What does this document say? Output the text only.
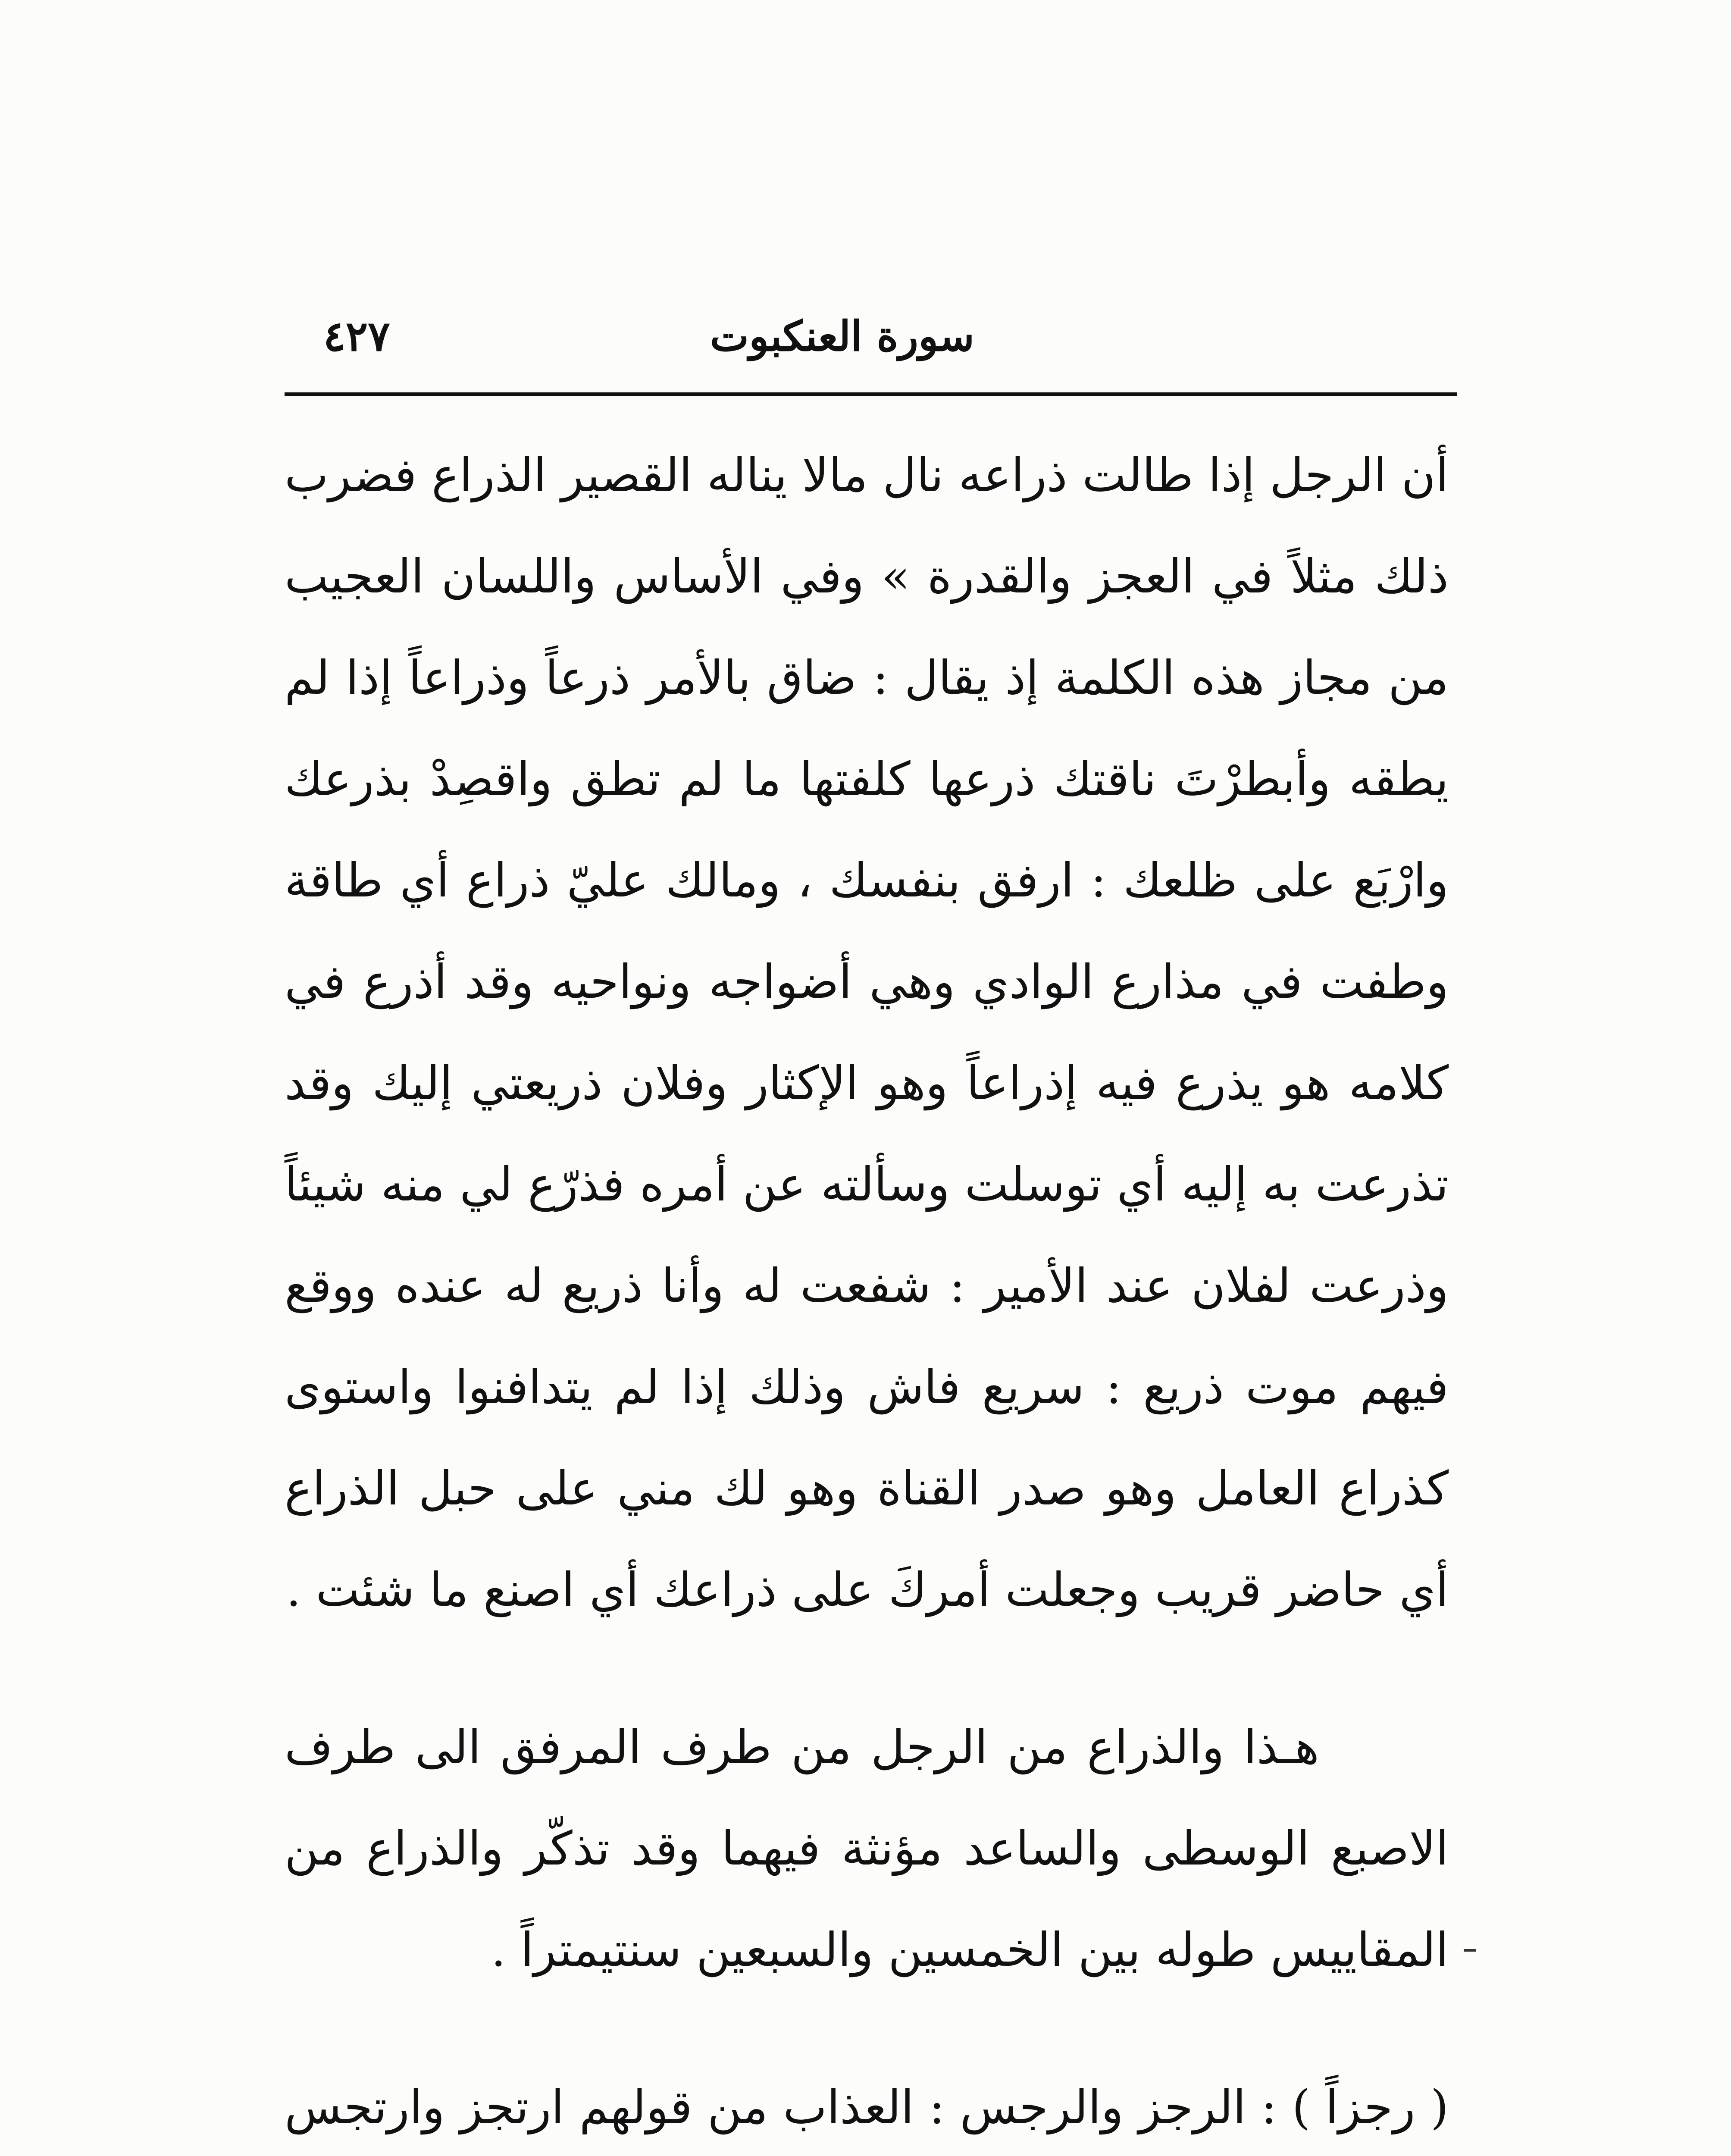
سورة العنكبوت
٤٢٧

أن الرجل إذا طالت ذراعه نال مالا يناله القصير الذراع فضرب ذلك مثلاً في العجز والقدرة » وفي الأساس واللسان العجيب من مجاز هذه الكلمة إذ يقال : ضاق بالأمر ذرعاً وذراعاً إذا لم يطقه وأبطرْتَ ناقتك ذرعها كلفتها ما لم تطق واقصِدْ بذرعك وارْبَع على ظلعك : ارفق بنفسك ، ومالك عليّ ذراع أي طاقة وطفت في مذارع الوادي وهي أضواجه ونواحيه وقد أذرع في كلامه هو يذرع فيه إذراعاً وهو الإكثار وفلان ذريعتي إليك وقد تذرعت به إليه أي توسلت وسألته عن أمره فذرّع لي منه شيئاً وذرعت لفلان عند الأمير : شفعت له وأنا ذريع له عنده ووقع فيهم موت ذريع : سريع فاش وذلك إذا لم يتدافنوا واستوى كذراع العامل وهو صدر القناة وهو لك مني على حبل الذراع أي حاضر قريب وجعلت أمركَ على ذراعك أي اصنع ما شئت .

هـذا والذراع من الرجل من طرف المرفق الى طرف الاصبع الوسطى والساعد مؤنثة فيهما وقد تذكّر والذراع من المقاييس طوله بين الخمسين والسبعين سنتيمتراً .

( رجزاً ) : الرجز والرجس : العذاب من قولهم ارتجز وارتجس
